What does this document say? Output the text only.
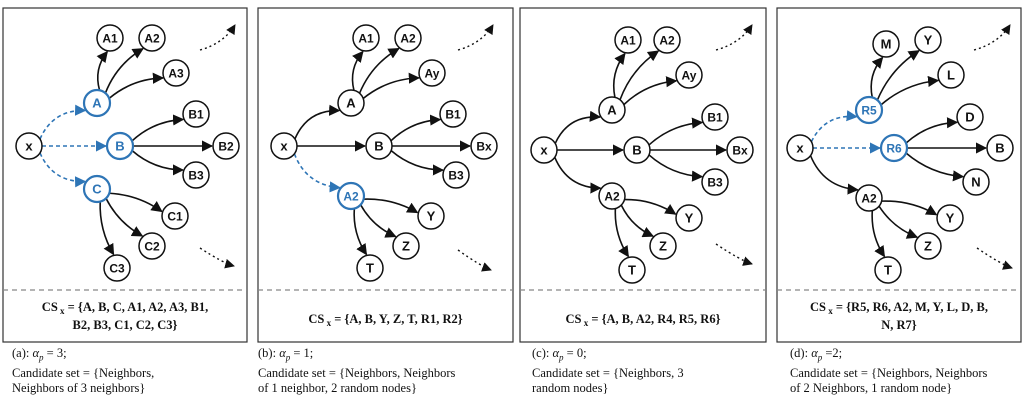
A1 A2
A3
A
x	B
B1
B2
B3
C
C1
C2
C3
CS $_x$ = {A, B, C, A1, A2, A3, B1,
B2, B3, C1, C2, C3}
A1 A2
Ay
A
x	B
B1
Bx
B3
A2
Y
Z
T
CS $_x$ = {A, B, Y, Z, T, R1, R2}
A1 A2
Ay
A
x	B
B1
Bx
B3
A2
Y
Z
T
CS $_x$ = {A, B, A2, R4, R5, R6}
M Y
L
R5
x	R6
D
B
N
A2
Y
Z
T
CS $_x$ = {R5, R6, A2, M, Y, L, D, B,
N, R7}
(a): $\alpha_p = 3$;
Candidate set = {Neighbors,
Neighbors of 3 neighbors}
(b): $\alpha_p = 1$;
Candidate set = {Neighbors, Neighbors
of 1 neighbor, 2 random nodes}
(c): $\alpha_p = 0$;
Candidate set = {Neighbors, 3
random nodes}
(d): $\alpha_p =2$;
Candidate set = {Neighbors, Neighbors
of 2 Neighbors, 1 random node}
